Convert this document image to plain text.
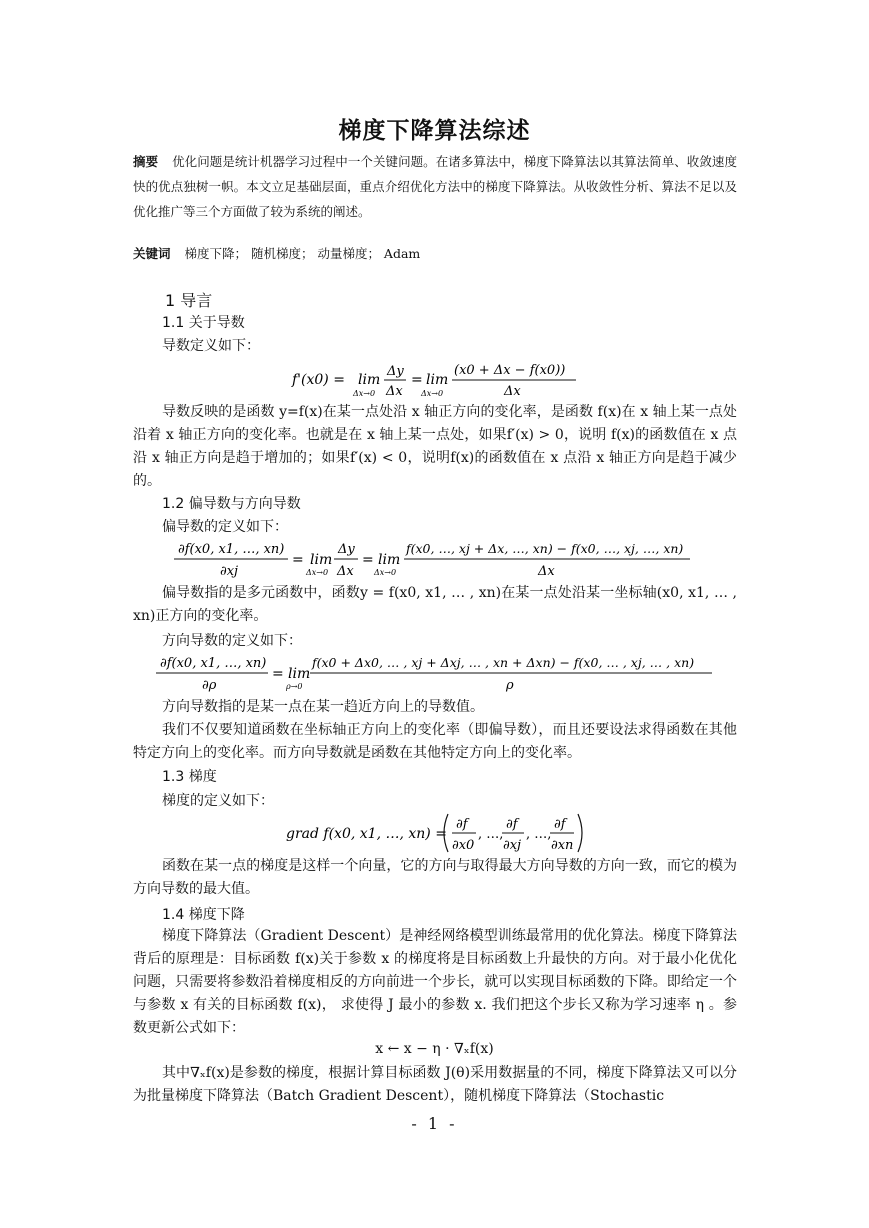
梯度下降算法综述
摘要 优化问题是统计机器学习过程中一个关键问题。在诸多算法中，梯度下降算法以其算法简单、收敛速度快的优点独树一帜。本文立足基础层面，重点介绍优化方法中的梯度下降算法。从收敛性分析、算法不足以及优化推广等三个方面做了较为系统的阐述。
关键词 梯度下降； 随机梯度； 动量梯度； Adam
1 导言
1.1 关于导数
导数定义如下：
f'(x0) = lim
Δx→0
Δy
Δx
= lim
Δx→0
(x0 + Δx − f(x0))
Δx
导数反映的是函数 y=f(x)在某一点处沿 x 轴正方向的变化率，是函数 f(x)在 x 轴上某一点处沿着 x 轴正方向的变化率。也就是在 x 轴上某一点处，如果f′(x) > 0，说明 f(x)的函数值在 x 点沿 x 轴正方向是趋于增加的；如果f′(x) < 0，说明f(x)的函数值在 x 点沿 x 轴正方向是趋于减少的。
1.2 偏导数与方向导数
偏导数的定义如下：
∂f(x0, x1, …, xn)
∂xj
= lim
Δx→0
Δy
Δx
= lim
Δx→0
f(x0, …, xj + Δx, …, xn) − f(x0, …, xj, …, xn)
Δx
偏导数指的是多元函数中，函数y = f(x0, x1, … , xn)在某一点处沿某一坐标轴(x0, x1, … , xn)正方向的变化率。
方向导数的定义如下：
∂f(x0, x1, …, xn)
∂ρ
= lim
ρ→0
f(x0 + Δx0, … , xj + Δxj, … , xn + Δxn) − f(x0, … , xj, … , xn)
ρ
方向导数指的是某一点在某一趋近方向上的导数值。
我们不仅要知道函数在坐标轴正方向上的变化率（即偏导数），而且还要设法求得函数在其他特定方向上的变化率。而方向导数就是函数在其他特定方向上的变化率。
1.3 梯度
梯度的定义如下：
grad f(x0, x1, …, xn) =
∂f
∂x0
, …,
∂f
∂xj
, …,
∂f
∂xn
函数在某一点的梯度是这样一个向量，它的方向与取得最大方向导数的方向一致，而它的模为方向导数的最大值。
1.4 梯度下降
梯度下降算法（Gradient Descent）是神经网络模型训练最常用的优化算法。梯度下降算法背后的原理是：目标函数 f(x)关于参数 x 的梯度将是目标函数上升最快的方向。对于最小化优化问题，只需要将参数沿着梯度相反的方向前进一个步长，就可以实现目标函数的下降。即给定一个与参数 x 有关的目标函数 f(x)， 求使得 J 最小的参数 x. 我们把这个步长又称为学习速率 η 。参数更新公式如下：
x ← x − η · ∇ₓf(x)
其中∇ₓf(x)是参数的梯度，根据计算目标函数 J(θ)采用数据量的不同，梯度下降算法又可以分为批量梯度下降算法（Batch Gradient Descent），随机梯度下降算法（Stochastic
- 1 -
